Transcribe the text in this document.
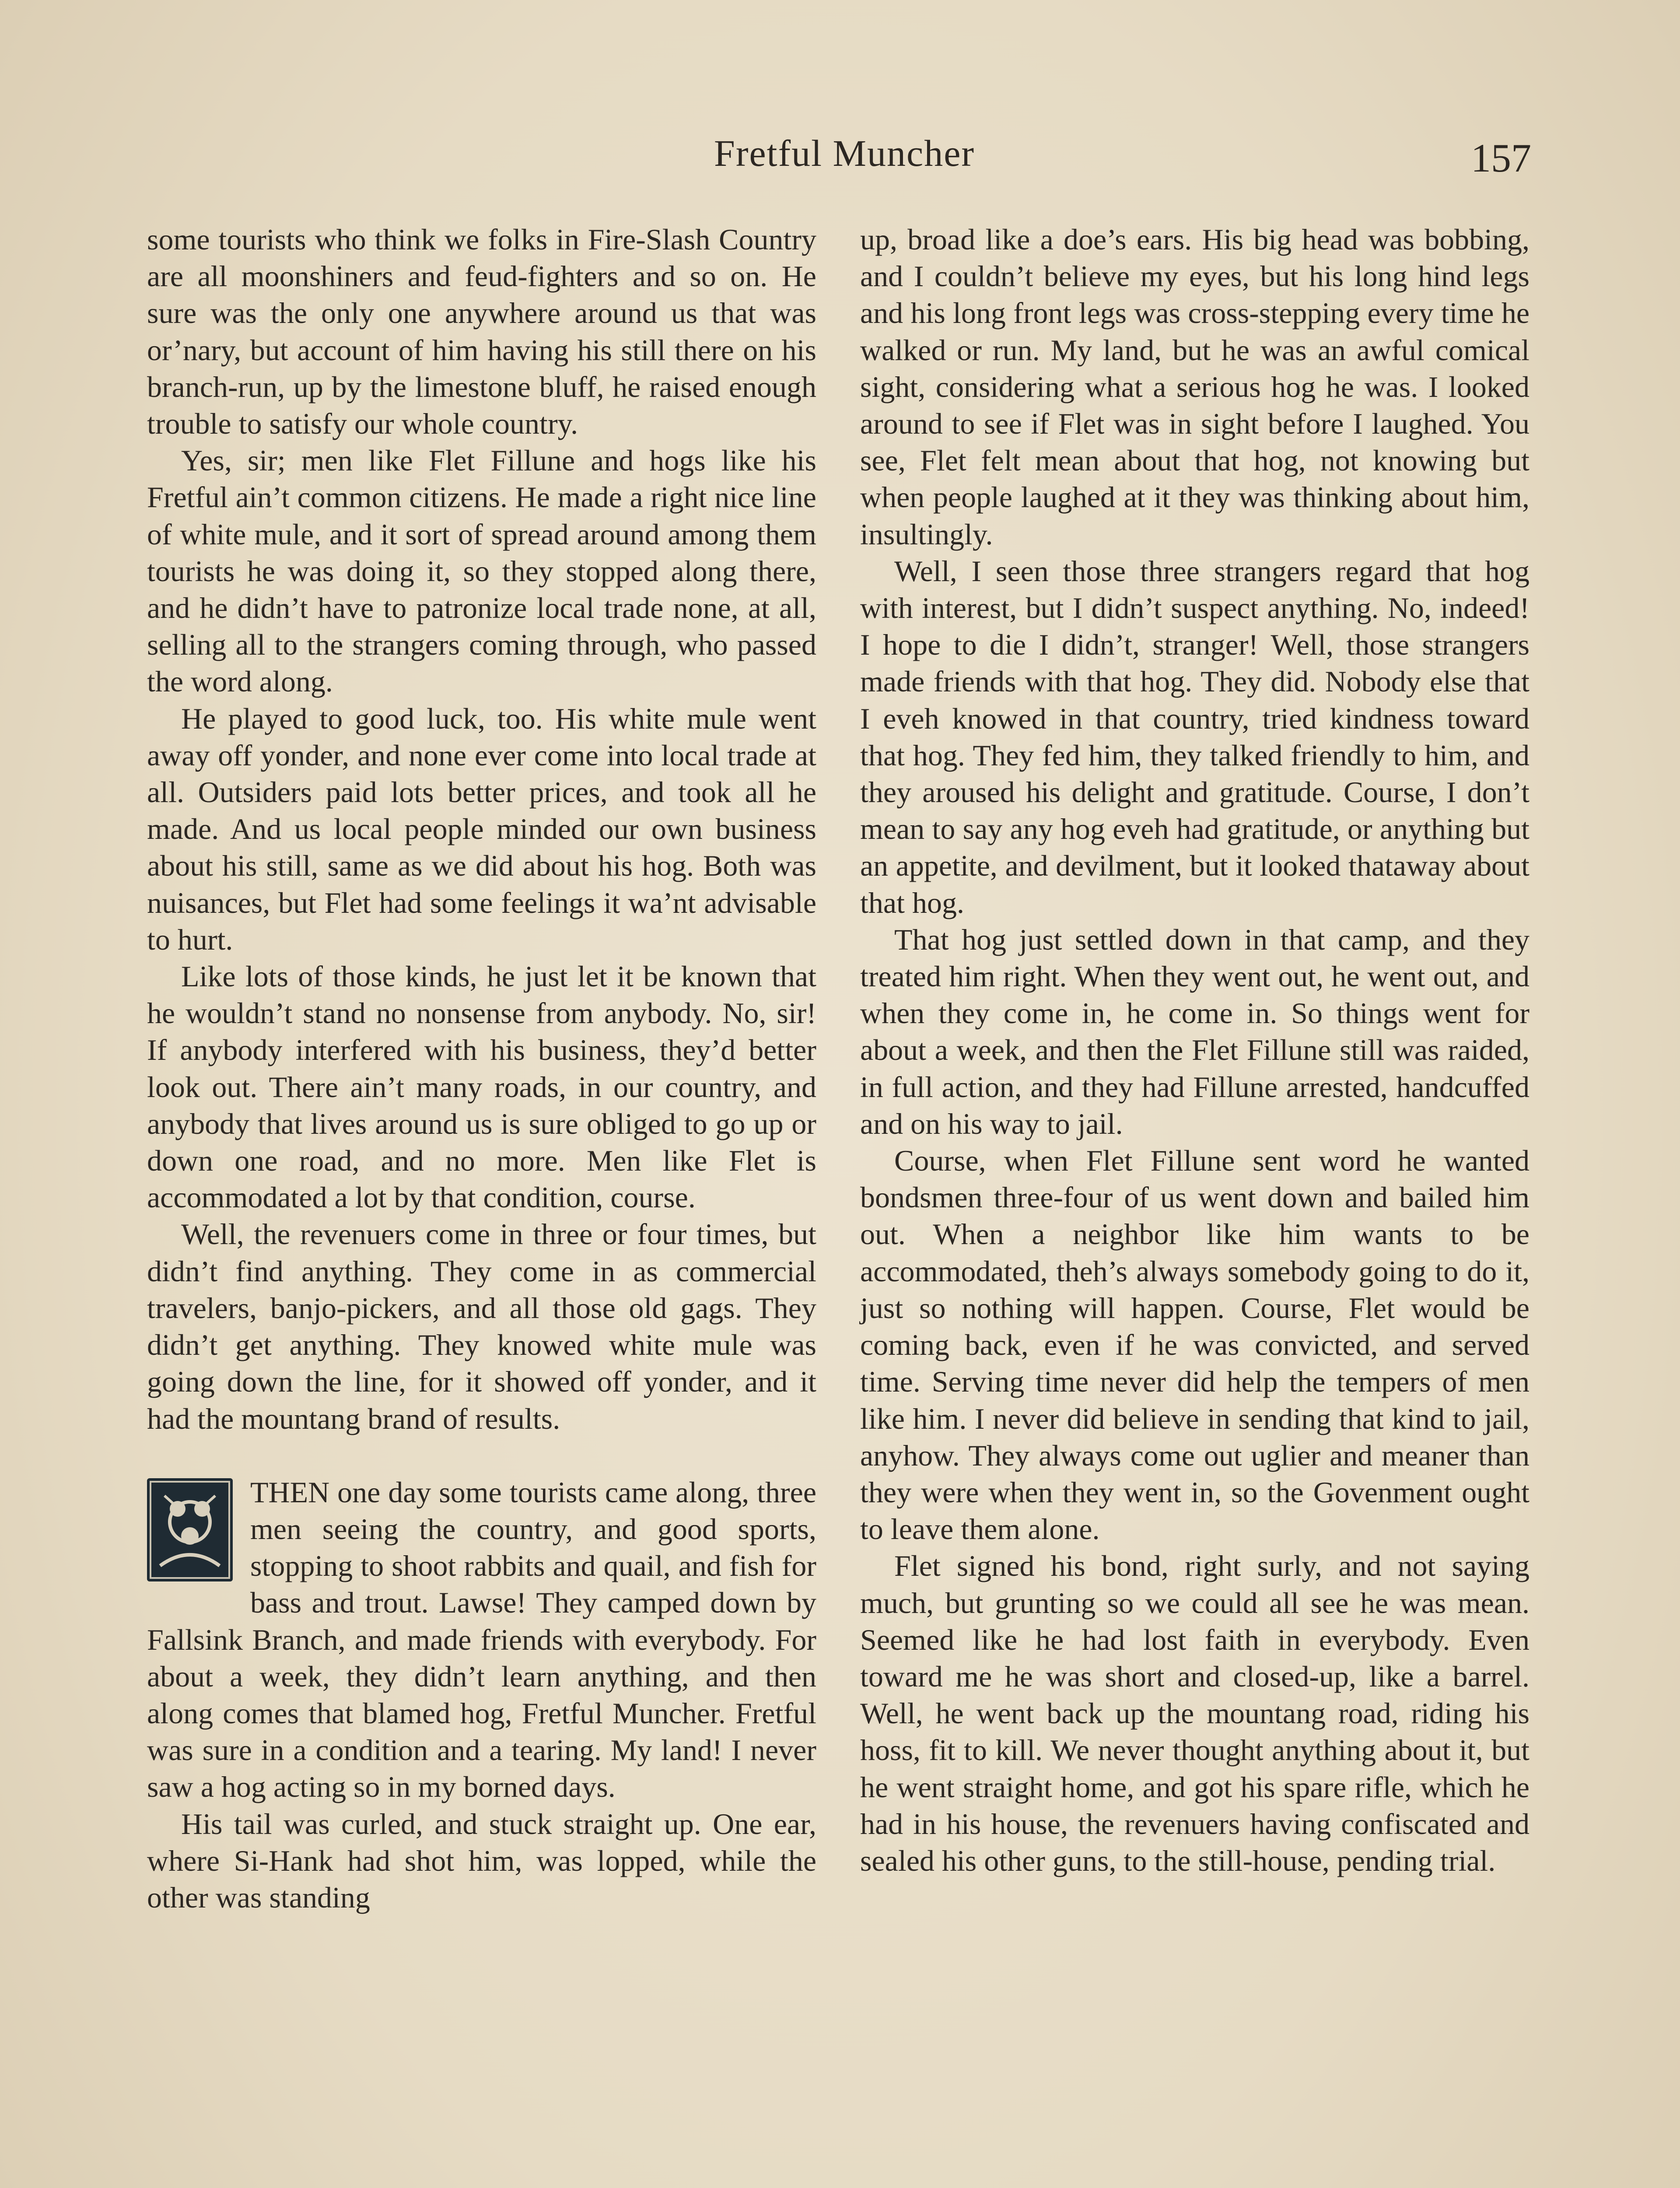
Fretful Muncher	157

some tourists who think we folks in Fire-Slash Country are all moonshiners and feud-fighters and so on. He sure was the only one anywhere around us that was or’nary, but account of him having his still there on his branch-run, up by the limestone bluff, he raised enough trouble to satisfy our whole country.

Yes, sir; men like Flet Fillune and hogs like his Fretful ain’t common citizens. He made a right nice line of white mule, and it sort of spread around among them tourists he was doing it, so they stopped along there, and he didn’t have to patronize local trade none, at all, selling all to the strangers coming through, who passed the word along.

He played to good luck, too. His white mule went away off yonder, and none ever come into local trade at all. Outsiders paid lots better prices, and took all he made. And us local people minded our own business about his still, same as we did about his hog. Both was nuisances, but Flet had some feelings it wa’nt advisable to hurt.

Like lots of those kinds, he just let it be known that he wouldn’t stand no nonsense from anybody. No, sir! If anybody interfered with his business, they’d better look out. There ain’t many roads, in our country, and anybody that lives around us is sure obliged to go up or down one road, and no more. Men like Flet is accommodated a lot by that condition, course.

Well, the revenuers come in three or four times, but didn’t find anything. They come in as commercial travelers, banjo-pickers, and all those old gags. They didn’t get anything. They knowed white mule was going down the line, for it showed off yonder, and it had the mountang brand of results.

THEN one day some tourists came along, three men seeing the country, and good sports, stopping to shoot rabbits and quail, and fish for bass and trout. Lawse! They camped down by Fallsink Branch, and made friends with everybody. For about a week, they didn’t learn anything, and then along comes that blamed hog, Fretful Muncher. Fretful was sure in a condition and a tearing. My land! I never saw a hog acting so in my borned days.

His tail was curled, and stuck straight up. One ear, where Si-Hank had shot him, was lopped, while the other was standing

up, broad like a doe’s ears. His big head was bobbing, and I couldn’t believe my eyes, but his long hind legs and his long front legs was cross-stepping every time he walked or run. My land, but he was an awful comical sight, considering what a serious hog he was. I looked around to see if Flet was in sight before I laughed. You see, Flet felt mean about that hog, not knowing but when people laughed at it they was thinking about him, insultingly.

Well, I seen those three strangers regard that hog with interest, but I didn’t suspect anything. No, indeed! I hope to die I didn’t, stranger! Well, those strangers made friends with that hog. They did. Nobody else that I eveh knowed in that country, tried kindness toward that hog. They fed him, they talked friendly to him, and they aroused his delight and gratitude. Course, I don’t mean to say any hog eveh had gratitude, or anything but an appetite, and devilment, but it looked thataway about that hog.

That hog just settled down in that camp, and they treated him right. When they went out, he went out, and when they come in, he come in. So things went for about a week, and then the Flet Fillune still was raided, in full action, and they had Fillune arrested, handcuffed and on his way to jail.

Course, when Flet Fillune sent word he wanted bondsmen three-four of us went down and bailed him out. When a neighbor like him wants to be accommodated, theh’s always somebody going to do it, just so nothing will happen. Course, Flet would be coming back, even if he was convicted, and served time. Serving time never did help the tempers of men like him. I never did believe in sending that kind to jail, anyhow. They always come out uglier and meaner than they were when they went in, so the Govenment ought to leave them alone.

Flet signed his bond, right surly, and not saying much, but grunting so we could all see he was mean. Seemed like he had lost faith in everybody. Even toward me he was short and closed-up, like a barrel. Well, he went back up the mountang road, riding his hoss, fit to kill. We never thought anything about it, but he went straight home, and got his spare rifle, which he had in his house, the revenuers having confiscated and sealed his other guns, to the still-house, pending trial.
